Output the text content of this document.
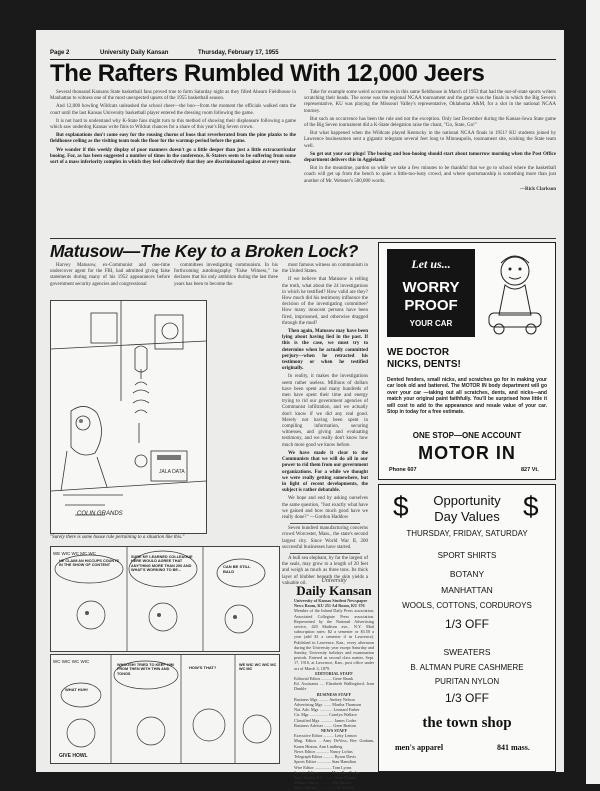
Page 2	University Daily Kansan	Thursday, February 17, 1955
The Rafters Rumbled With 12,000 Jeers

Several thousand Kansans State basketball fans proved true to form Saturday night as they filled Ahearn Fieldhouse in Manhattan to witness one of the most unexpected upsets of the 1955 basketball season.

And 12,000 howling Wildcats unleashed the school cheer—the boo—from the moment the officials walked onto the court until the last Kansas University basketball player entered the dressing room following the game.

It is not hard to understand why K-State fans might turn to this method of showing their displeasure following a game which saw underdog Kansas write finis to Wildcat chances for a share of this year's Big Seven crown.

But explanations don't come easy for the rousing chorus of boos that reverberated from the pine planks to the fieldhouse ceiling as the visiting team took the floor for the warmup period before the game.

We wonder if this weekly display of poor manners doesn't go a little deeper than just a little extracurricular booing. For, as has been suggested a number of times in the conference, K-Staters seem to be suffering from some sort of a mass inferiority complex in which they feel collectively that they are discriminated against at every turn.

Take for example some weird occurrences in this same fieldhouse in March of 1953 that had the out-of-state sports writers scratching their heads. The scene was the regional NCAA tournament and the game was the finals in which the Big Seven's representative, KU was playing the Missouri Valley's representative, Oklahoma A&M, for a slot in the national NCAA tourney.

But such an occurrence has been the rule and not the exception. Only last December during the Kansas-Iowa State game of the Big Seven tournament did a K-State delegation raise the chant, "Go, State, Go!"

But what happened when the Wildcats played Kentucky in the national NCAA finals in 1951? KU students joined by Lawrence businessmen sent a gigantic telegram several feet long to Minneapolis, tournament site, wishing the State team well.

So get out your ear plugs! The booing and boo-hooing should start about tomorrow morning when the Post Office department delivers this in Aggieland!

But in the meantime, pardon us while we take a few minutes to be thankful that we go to school where the basketball coach will get up from the bench to quiet a little-too-lusty crowd, and where sportsmanship is something more than just another of Mr. Webster's 500,000 words.

—Rick Clarkson
Matusow—The Key to a Broken Lock?

Harvey Matusow, ex-Communist and one-time undercover agent for the FBI, had admitted giving false statements during many of his 1952 appearances before government security agencies and congressional

committees investigating communism. In his forthcoming autobiography "False Witness," he declares that his only ambition during the last three years has been to become the

most famous witness on communism in the United States.

If we believe that Matusow is telling the truth, what about the 24 investigations in which he testified? How valid are they? How much did his testimony influence the decision of the investigating committee? How many innocent persons have been fired, imprisoned, and otherwise dragged through the mud?

Then again, Matusow may have been lying about having lied in the past. If this is the case, we must try to determine when he actually committed perjury—when he retracted his testimony or when he testified originally.

In reality, it makes the investigations seem rather useless. Millions of dollars have been spent and many hundreds of men have spent their time and energy trying to rid our government agencies of Communist infiltration, and we actually don't know if we did any real good. Merely not having been spent in compiling information, securing witnesses, and giving and evaluating testimony, and we really don't know how much more good we know before.

We have made it clear to the Communists that we will do all in our power to rid them from our government organizations. For a while we thought we were really getting somewhere, but in light of recent developments, the subject is rather debatable.

We hope and end by asking ourselves the same question, "Just exactly what have we gained and how much good have we really done?" —Gordon Haddow

Seven hundred manufacturing concerns crowd Worcester, Mass., the state's second largest city. Since World War II, 200 successful businesses have started.

A bull sea elephant, by far the largest of the seals, may grow to a length of 20 feet and weigh as much as three tons. Its thick layer of blubber beneath the skin yields a valuable oil.

JALA DATA
COLIN GRANDS
"Surely there is some house rule pertaining to a situation like this."
WE WIC WC MC WC
HE CLAIM AN HICCUPS COUNTS IN THE SHOW OF CONTENT
SURE MY LEARNED COLLEAGUE HERE WOULD AGREE THAT ANYTHING MORE THAN 200 AND WHAT'S WORKING TO BE...
CAN BE STILL BALD
WC WIC WC WIC
WHAT HUH!
WHOOSH! TRIED TO KEEP HIM FROM THEN WITH THIN AND TONGS
HOW'S THAT?	WE WIC WC WIC MC WC MC
GIVE HOWL
University
Daily Kansan
University of Kansas Student Newspaper
News Room, KU 251 Ad Room, KU 376
Member of the Inland Daily Press association, Associated Collegiate Press association. Represented by the National Advertising service, 420 Madison ave., N.Y. Mail subscription rates: $2 a semester or $3.50 a year (add $1 a semester if in Lawrence). Published in Lawrence, Kan., every afternoon during the University year except Saturday and Sunday, University holidays and examination periods. Entered as second class matter, Sept. 17, 1910, at Lawrence, Kan., post office under act of March 3, 1879.
EDITORIAL STAFF
Editorial Editor .......... Gene Shank
Ed. Assistants .... Elizabeth Wallingford, Jean Dunkle
BUSINESS STAFF
Business Mgr. ......... Andrey Nelson
Advertising Mgr. ....... Martha Thomson
Nat. Adv. Mgr. ............ Leonard Farber
Cir. Mgr. ................. Carolyn Wallace
Classified Mgr. ............ James Coder
Business Adviser ........ Gene Bratton
NEWS STAFF
Executive Editor .......... Letty Lemon
Mng. Editor .. Amy DeVoss, Bev Graham, Karen Hinton, Ann Lindberg
News Editor ............ Nancy Loftus
Telegraph Editor .......... Byron Davis
Sports Editor ............. Stan Hamilton
Wire Editor ................ Tom Lyons
Society Editor ........... Mary Bea Forbes
Asst. Society Ed. ......... Irene Conder
Feature Editor ............ Del Tucker
News Adviser ............ C. M. Pickett
Let us...
WORRY
PROOF
YOUR CAR
WE DOCTOR
NICKS, DENTS!
Dented fenders, small nicks, and scratches go for in making your car look old and battered. The MOTOR IN body department will go over your car —taking out all scratches, dents, and nicks—and match your original paint faithfully. You'll be surprised how little it will cost to add to the appearance and resale value of your car. Stop in today for a free estimate.
ONE STOP—ONE ACCOUNT
MOTOR IN
Phone 607	827 Vt.
$	$
Opportunity
Day Values
THURSDAY, FRIDAY, SATURDAY
SPORT SHIRTS
BOTANY
MANHATTAN
WOOLS, COTTONS, CORDUROYS
1/3 OFF
SWEATERS
B. ALTMAN PURE CASHMERE
PURITAN NYLON
1/3 OFF
the town shop
men's apparel	841 mass.
